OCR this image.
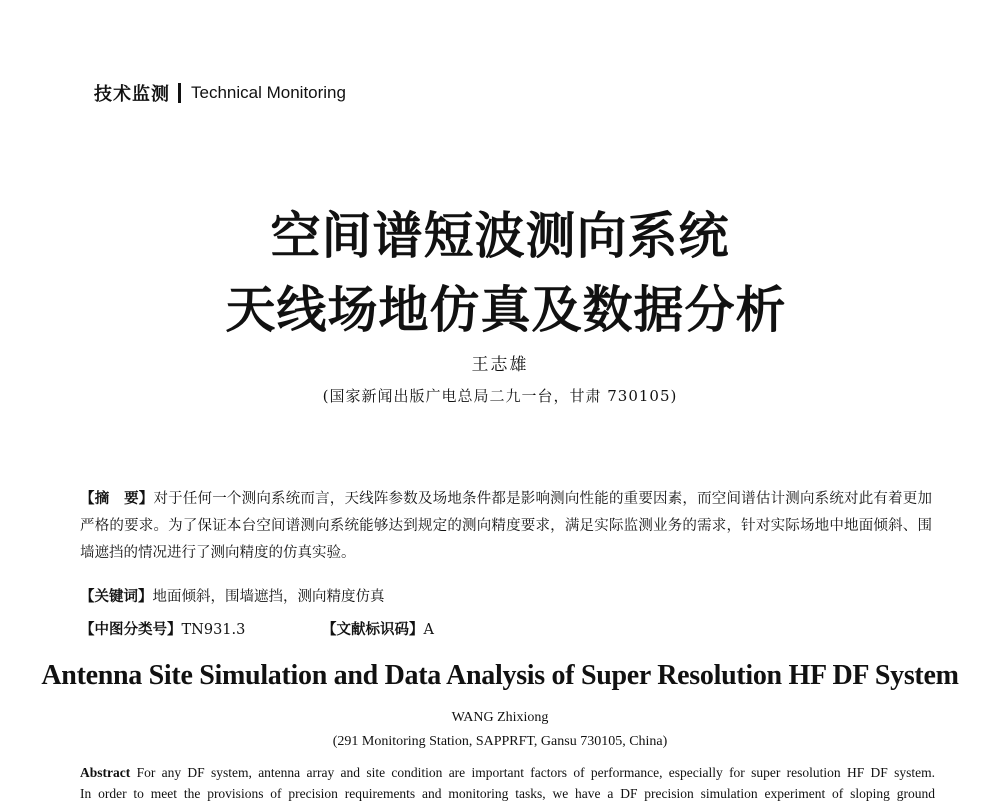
技术监测 Technical Monitoring
空间谱短波测向系统
天线场地仿真及数据分析
王志雄
(国家新闻出版广电总局二九一台，甘肃 730105)
【摘　要】对于任何一个测向系统而言，天线阵参数及场地条件都是影响测向性能的重要因素，而空间谱估计测向系统对此有着更加严格的要求。为了保证本台空间谱测向系统能够达到规定的测向精度要求，满足实际监测业务的需求，针对实际场地中地面倾斜、围墙遮挡的情况进行了测向精度的仿真实验。
【关键词】地面倾斜，围墙遮挡，测向精度仿真
【中图分类号】TN931.3	【文献标识码】A
Antenna Site Simulation and Data Analysis of Super Resolution HF DF System
WANG Zhixiong
(291 Monitoring Station, SAPPRFT, Gansu 730105, China)
Abstract For any DF system, antenna array and site condition are important factors of performance, especially for super resolution HF DF system.
In order to meet the provisions of precision requirements and monitoring tasks, we have a DF precision simulation experiment of sloping ground
